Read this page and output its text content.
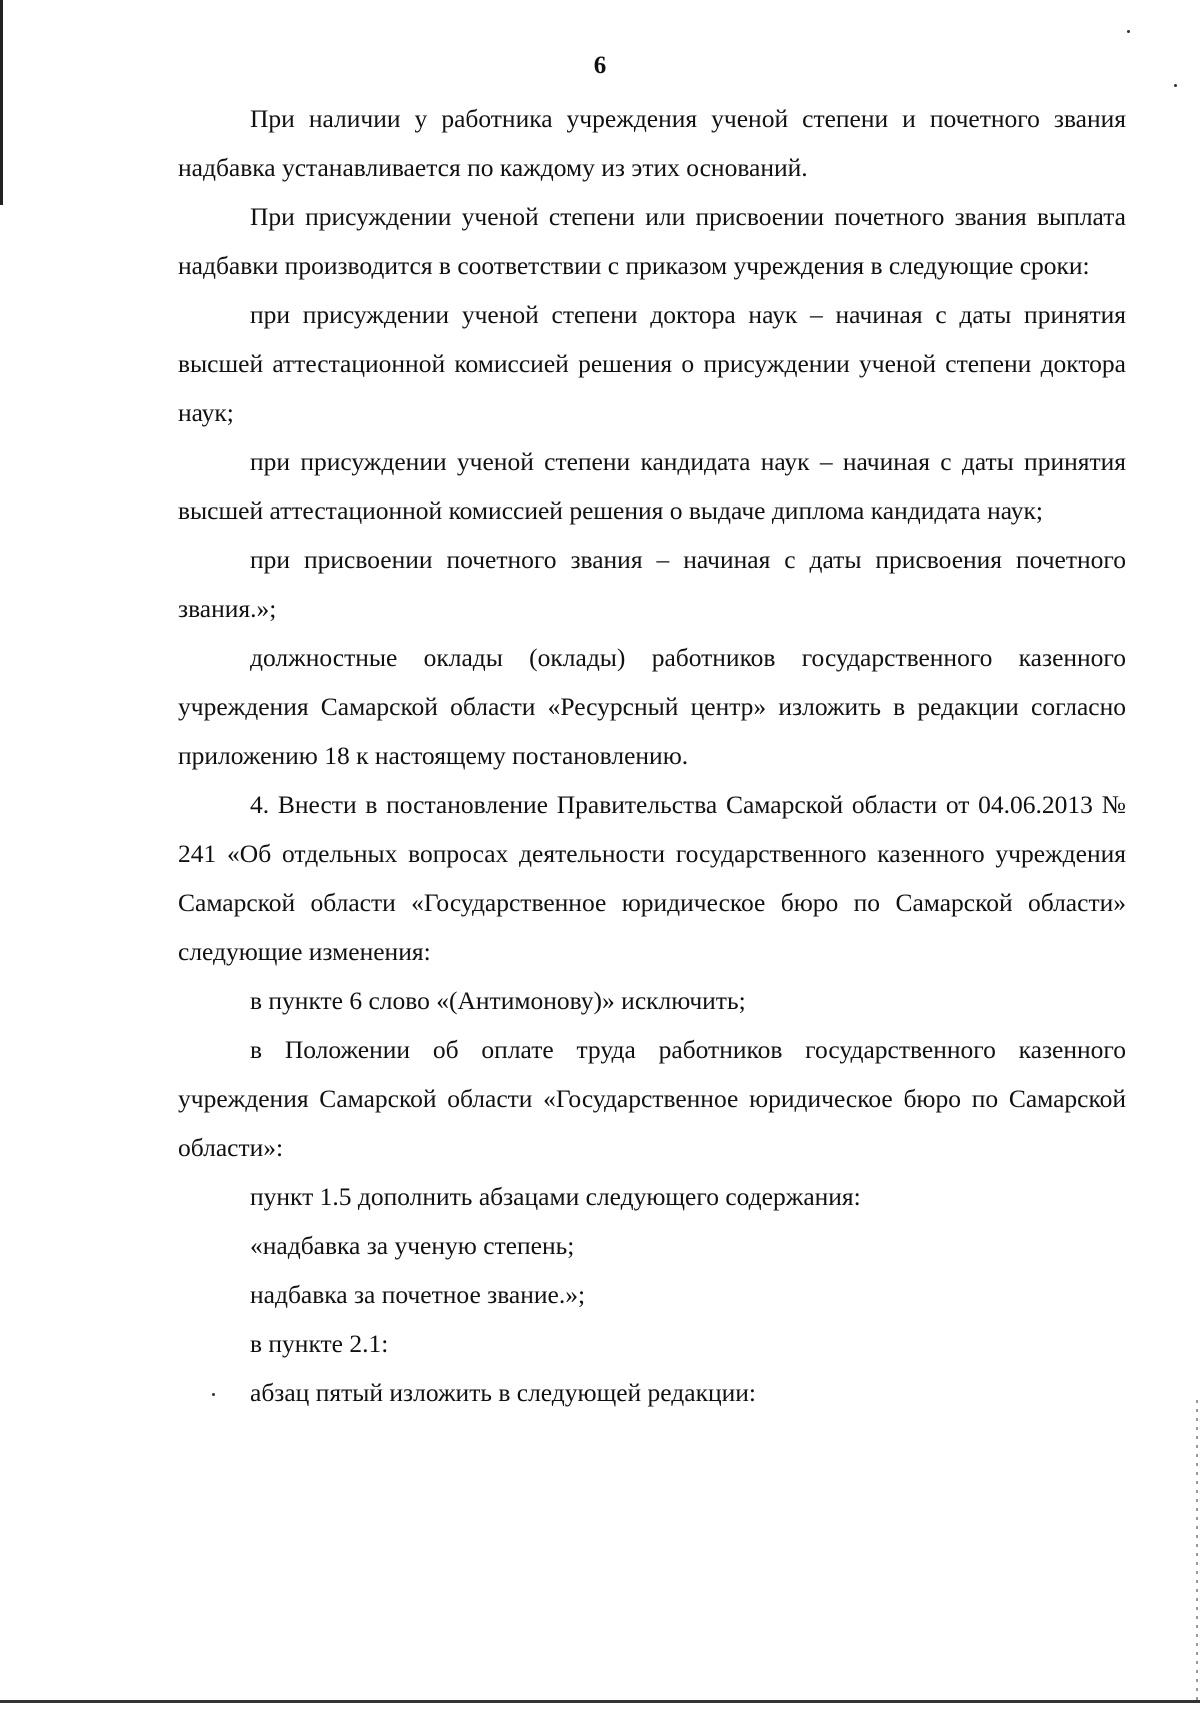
6

При наличии у работника учреждения ученой степени и почетного звания надбавка устанавливается по каждому из этих оснований.

При присуждении ученой степени или присвоении почетного звания выплата надбавки производится в соответствии с приказом учреждения в следующие сроки:

при присуждении ученой степени доктора наук – начиная с даты принятия высшей аттестационной комиссией решения о присуждении ученой степени доктора наук;

при присуждении ученой степени кандидата наук – начиная с даты принятия высшей аттестационной комиссией решения о выдаче диплома кандидата наук;

при присвоении почетного звания – начиная с даты присвоения почетного звания.»;

должностные оклады (оклады) работников государственного казенного учреждения Самарской области «Ресурсный центр» изложить в редакции согласно приложению 18 к настоящему постановлению.

4. Внести в постановление Правительства Самарской области от 04.06.2013 № 241 «Об отдельных вопросах деятельности государственного казенного учреждения Самарской области «Государственное юридическое бюро по Самарской области» следующие изменения:

в пункте 6 слово «(Антимонову)» исключить;

в Положении об оплате труда работников государственного казенного учреждения Самарской области «Государственное юридическое бюро по Самарской области»:

пункт 1.5 дополнить абзацами следующего содержания:

«надбавка за ученую степень;

надбавка за почетное звание.»;

в пункте 2.1:

абзац пятый изложить в следующей редакции:
